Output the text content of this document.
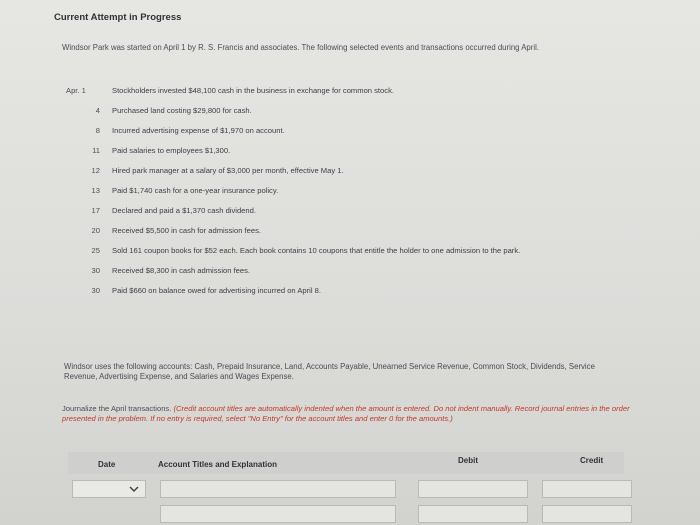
Current Attempt in Progress
Windsor Park was started on April 1 by R. S. Francis and associates. The following selected events and transactions occurred during April.
Apr. 1	Stockholders invested $48,100 cash in the business in exchange for common stock.
4 Purchased land costing $29,800 for cash.
8 Incurred advertising expense of $1,970 on account.
11 Paid salaries to employees $1,300.
12 Hired park manager at a salary of $3,000 per month, effective May 1.
13 Paid $1,740 cash for a one-year insurance policy.
17 Declared and paid a $1,370 cash dividend.
20 Received $5,500 in cash for admission fees.
25 Sold 161 coupon books for $52 each. Each book contains 10 coupons that entitle the holder to one admission to the park.
30 Received $8,300 in cash admission fees.
30 Paid $660 on balance owed for advertising incurred on April 8.
Windsor uses the following accounts: Cash, Prepaid Insurance, Land, Accounts Payable, Unearned Service Revenue, Common Stock, Dividends, Service Revenue, Advertising Expense, and Salaries and Wages Expense.
Journalize the April transactions. (Credit account titles are automatically indented when the amount is entered. Do not indent manually. Record journal entries in the order presented in the problem. If no entry is required, select "No Entry" for the account titles and enter 0 for the amounts.)
Date	Account Titles and Explanation	Debit	Credit
